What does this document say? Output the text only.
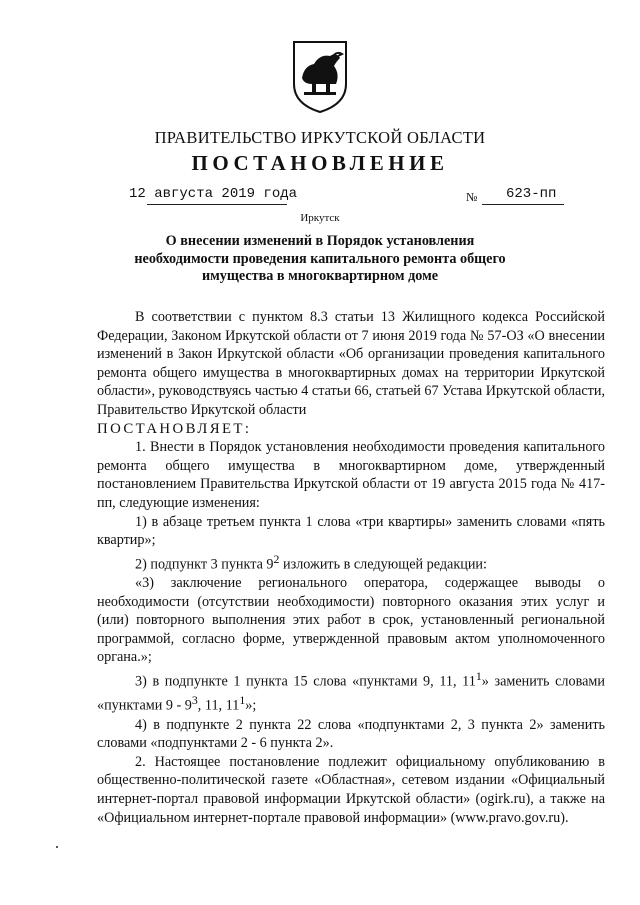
ПРАВИТЕЛЬСТВО ИРКУТСКОЙ ОБЛАСТИ
ПОСТАНОВЛЕНИЕ
12 августа 2019 года	№ 623-пп
Иркутск
О внесении изменений в Порядок установления необходимости проведения капитального ремонта общего имущества в многоквартирном доме

В соответствии с пунктом 8.3 статьи 13 Жилищного кодекса Российской Федерации, Законом Иркутской области от 7 июня 2019 года № 57-ОЗ «О внесении изменений в Закон Иркутской области «Об организации проведения капитального ремонта общего имущества в многоквартирных домах на территории Иркутской области», руководствуясь частью 4 статьи 66, статьей 67 Устава Иркутской области, Правительство Иркутской области

ПОСТАНОВЛЯЕТ:

1. Внести в Порядок установления необходимости проведения капитального ремонта общего имущества в многоквартирном доме, утвержденный постановлением Правительства Иркутской области от 19 августа 2015 года № 417-пп, следующие изменения:

1) в абзаце третьем пункта 1 слова «три квартиры» заменить словами «пять квартир»;

2) подпункт 3 пункта $9^2$ изложить в следующей редакции:

«3) заключение регионального оператора, содержащее выводы о необходимости (отсутствии необходимости) повторного оказания этих услуг и (или) повторного выполнения этих работ в срок, установленный региональной программой, согласно форме, утвержденной правовым актом уполномоченного органа.»;

3) в подпункте 1 пункта 15 слова «пунктами 9, 11, $11^1$» заменить словами «пунктами $9 - 9^3$, 11, $11^1$»;

4) в подпункте 2 пункта 22 слова «подпунктами 2, 3 пункта 2» заменить словами «подпунктами 2 - 6 пункта 2».

2. Настоящее постановление подлежит официальному опубликованию в общественно-политической газете «Областная», сетевом издании «Официальный интернет-портал правовой информации Иркутской области» (ogirk.ru), а также на «Официальном интернет-портале правовой информации» (www.pravo.gov.ru).
